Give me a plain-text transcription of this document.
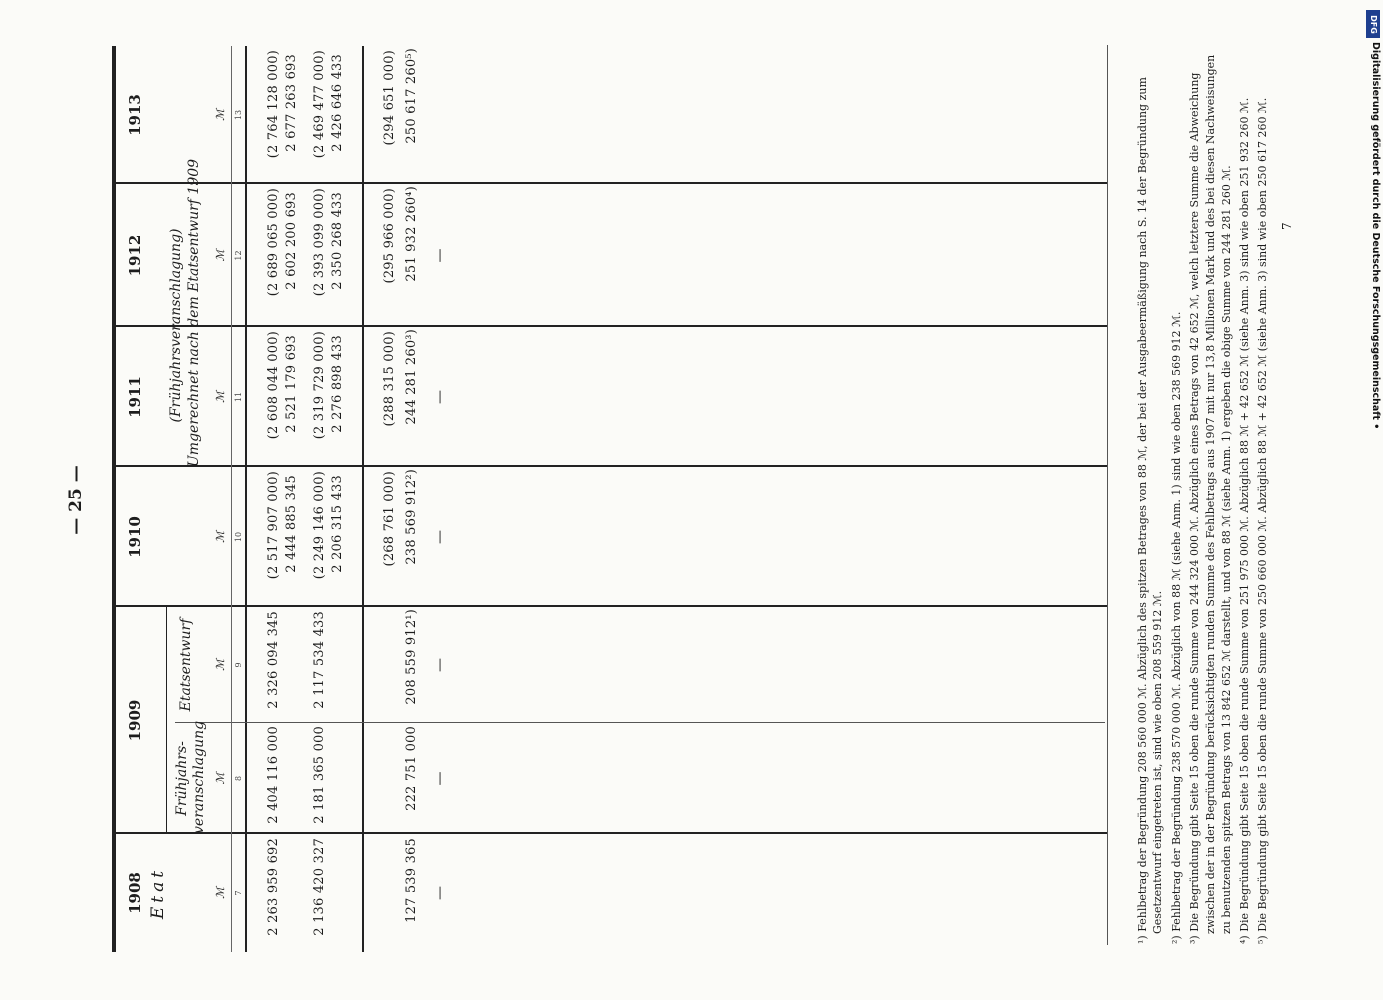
— 25 —
1908
1909
1910
1911
1912
1913
Etat
Frühjahrs-
veranschlagung
Etatsentwurf
(Frühjahrsveranschlagung) Umgerechnet nach dem Etatsentwurf 1909
ℳ
ℳ
ℳ
ℳ
ℳ
ℳ
ℳ
7
8
9
10
11
12
13
2 263 959 692
2 404 116 000
2 326 094 345
(2 517 907 000)
(2 608 044 000)
(2 689 065 000)
(2 764 128 000)
2 444 885 345
2 521 179 693
2 602 200 693
2 677 263 693
2 136 420 327
2 181 365 000
2 117 534 433
(2 249 146 000)
(2 319 729 000)
(2 393 099 000)
(2 469 477 000)
2 206 315 433
2 276 898 433
2 350 268 433
2 426 646 433
(268 761 000)
(288 315 000)
(295 966 000)
(294 651 000)
127 539 365
222 751 000
208 559 912¹)
238 569 912²)
244 281 260³)
251 932 260⁴)
250 617 260⁵)
—
—
—
—
—
—	¹) Fehlbetrag der Begründung 208 560 000 ℳ. Abzüglich des spitzen Betrages von 88 ℳ, der bei der Ausgabeermäßigung nach S. 14 der Begründung zum Gesetzentwurf eingetreten ist, sind wie oben 208 559 912 ℳ. ²) Fehlbetrag der Begründung 238 570 000 ℳ. Abzüglich von 88 ℳ (siehe Anm. 1) sind wie oben 238 569 912 ℳ. ³) Die Begründung gibt Seite 15 oben die runde Summe von 244 324 000 ℳ. Abzüglich eines Betrags von 42 652 ℳ, welch letztere Summe die Abweichung zwischen der in der Begründung berücksichtigten runden Summe des Fehlbetrags aus 1907 mit nur 13,8 Millionen Mark und des bei diesen Nachweisungen zu benutzenden spitzen Betrags von 13 842 652 ℳ darstellt, und von 88 ℳ (siehe Anm. 1) ergeben die obige Summe von 244 281 260 ℳ. ⁴) Die Begründung gibt Seite 15 oben die runde Summe von 251 975 000 ℳ. Abzüglich 88 ℳ + 42 652 ℳ (siehe Anm. 3) sind wie oben 251 932 260 ℳ. ⁵) Die Begründung gibt Seite 15 oben die runde Summe von 250 660 000 ℳ. Abzüglich 88 ℳ + 42 652 ℳ (siehe Anm. 3) sind wie oben 250 617 260 ℳ. 7
DFG
Digitalisierung gefördert durch die Deutsche Forschungsgemeinschaft •
